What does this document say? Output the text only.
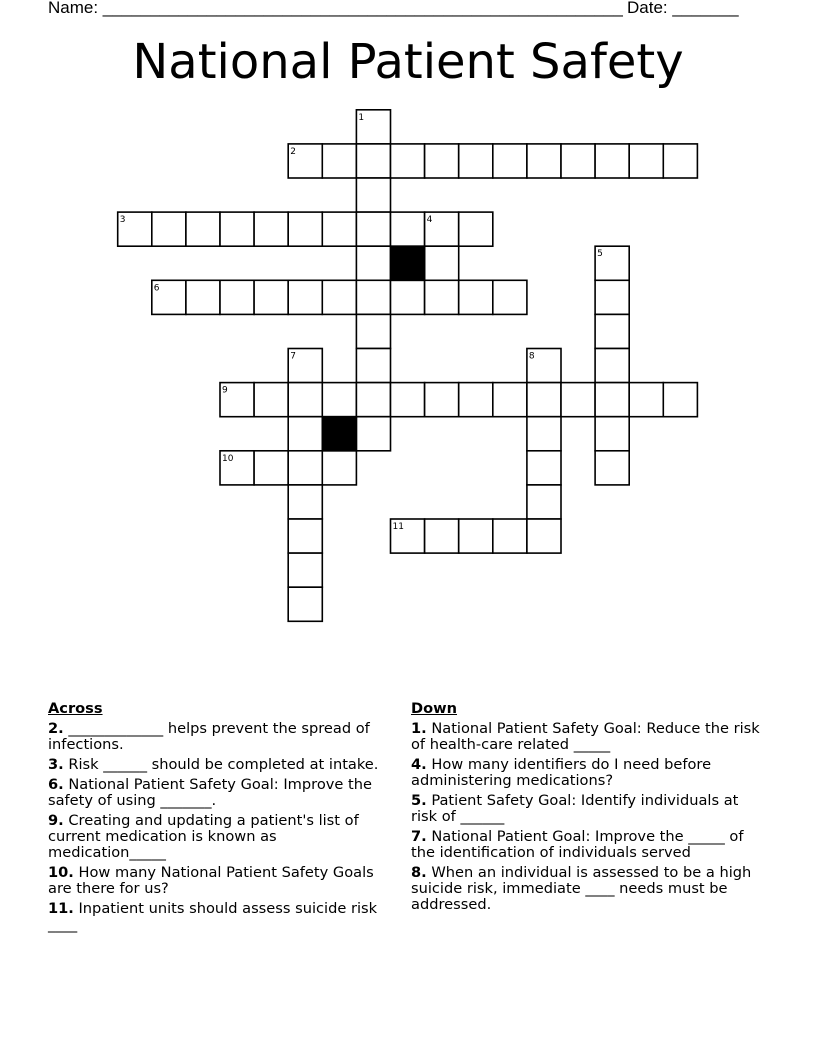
Name: _______________________________________________________ Date: _______
National Patient Safety
1
2
3	4
5
6
7	8
9
10
11
Across
2. _____________ helps prevent the spread of infections.
3. Risk ______ should be completed at intake.
6. National Patient Safety Goal: Improve the safety of using _______.
9. Creating and updating a patient's list of current medication is known as medication_____
10. How many National Patient Safety Goals are there for us?
11. Inpatient units should assess suicide risk ____
Down
1. National Patient Safety Goal: Reduce the risk of health-care related _____
4. How many identifiers do I need before administering medications?
5. Patient Safety Goal: Identify individuals at risk of ______
7. National Patient Goal: Improve the _____ of the identification of individuals served
8. When an individual is assessed to be a high suicide risk, immediate ____ needs must be addressed.
